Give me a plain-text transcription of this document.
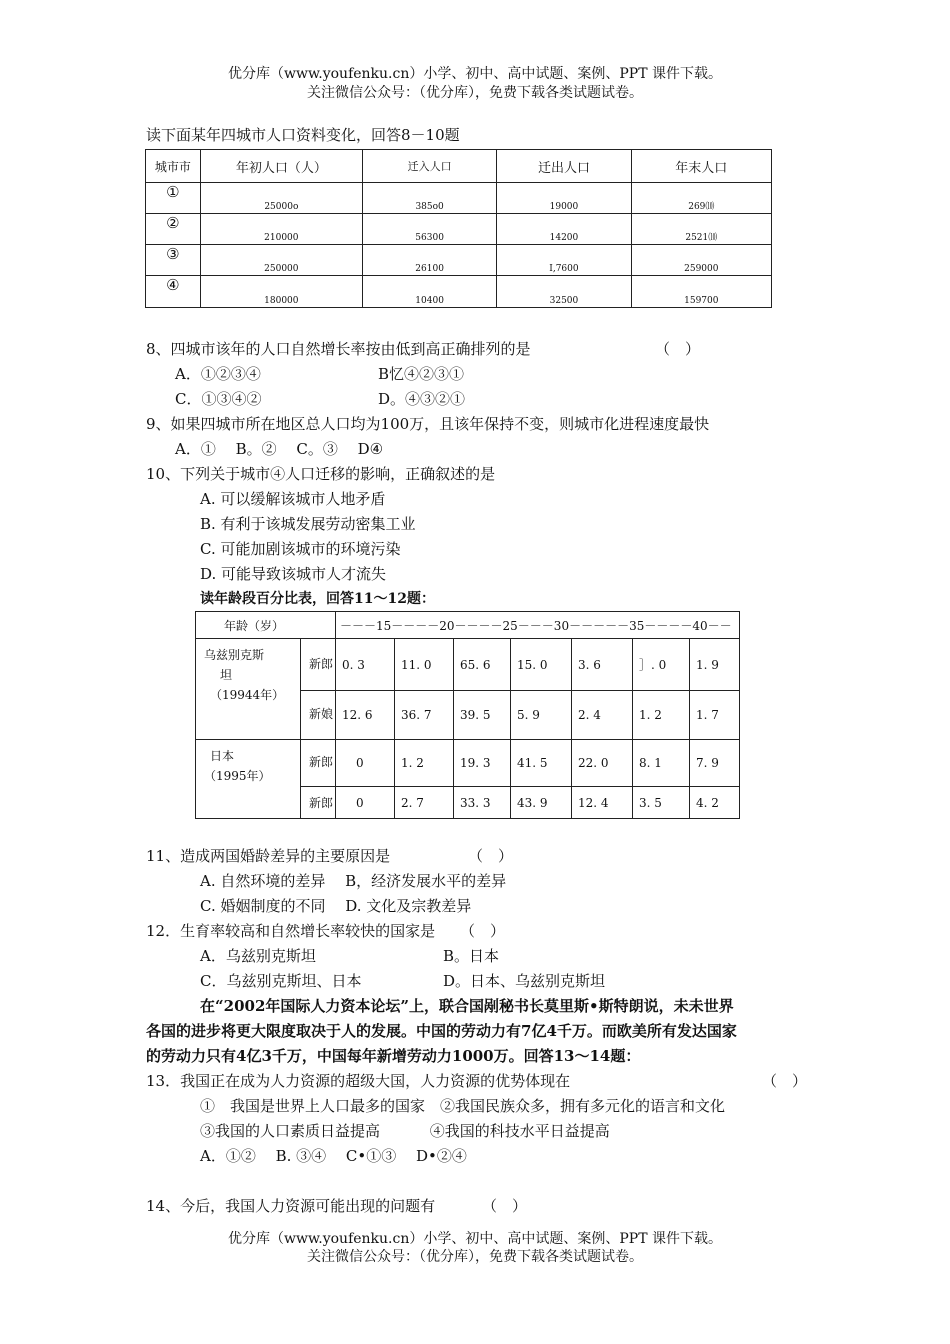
优分库（www.youfenku.cn）小学、初中、高中试题、案例、PPT 课件下载。
关注微信公众号：（优分库），免费下载各类试题试卷。
读下面某年四城市人口资料变化，回答8－10题
城市市	年初人口（人）	迁入人口	迁出人口	年末人口
①	25000o	385o0	19000	269⑽
②	210000	56300	14200	2521⑽
③	250000	26100	I,7600	259000
④	180000	10400	32500	159700
8、四城市该年的人口自然增长率按由低到高正确排列的是	（　）
A．①②③④	B忆④②③①
C．①③④②	D。④③②①
9、如果四城市所在地区总人口均为100万，且该年保持不变，则城市化进程速度最快
A．①　 B。②　 C。③　 D④
10、下列关于城市④人口迁移的影响，正确叙述的是
A. 可以缓解该城市人地矛盾
B. 有利于该城发展劳动密集工业
C. 可能加剧该城市的环境污染
D. 可能导致该城市人才流失
读年龄段百分比表，回答11～12题：
年龄（岁）		－－－15－－－－20－－－－25－－－30－－－－－35－－－－40－－						

乌兹别克斯
坦
（19944年）	新郎	0. 3	11. 0	65. 6	15. 0	3. 6	］. 0	1. 9

	新娘	12. 6	36. 7	39. 5	5. 9	2. 4	1. 2	1. 7

日本
（1995年）	新郎	0	1. 2	19. 3	41. 5	22. 0	8. 1	7. 9

	新郎	0	2. 7	33. 3	43. 9	12. 4	3. 5	4. 2
11、造成两国婚龄差异的主要原因是	（　）
A. 自然环境的差异　 B，经济发展水平的差异
C. 婚姻制度的不同　 D. 文化及宗教差异
12．生育率较高和自然增长率较快的国家是 （　）
A．乌兹别克斯坦	B。日本
C．乌兹别克斯坦、日本	D。日本、乌兹别克斯坦
在“2002年国际人力资本论坛”上，联合国剐秘书长莫里斯•斯特朗说，未未世界
各国的进步将更大限度取决于人的发展。中国的劳动力有7亿4千万。而欧美所有发达国家
的劳动力只有4亿3千万，中国每年新增劳动力1000万。回答13～14题：
13．我国正在成为人力资源的超级大国，人力资源的优势体现在	（　）
①　我国是世界上人口最多的国家　②我国民族众多，拥有多元化的语言和文化
③我国的人口素质日益提高　　　 ④我国的科技水平日益提高
A．①②　 B. ③④　 C•①③　 D•②④
14、今后，我国人力资源可能出现的问题有	（　）
优分库（www.youfenku.cn）小学、初中、高中试题、案例、PPT 课件下载。
关注微信公众号：（优分库），免费下载各类试题试卷。
